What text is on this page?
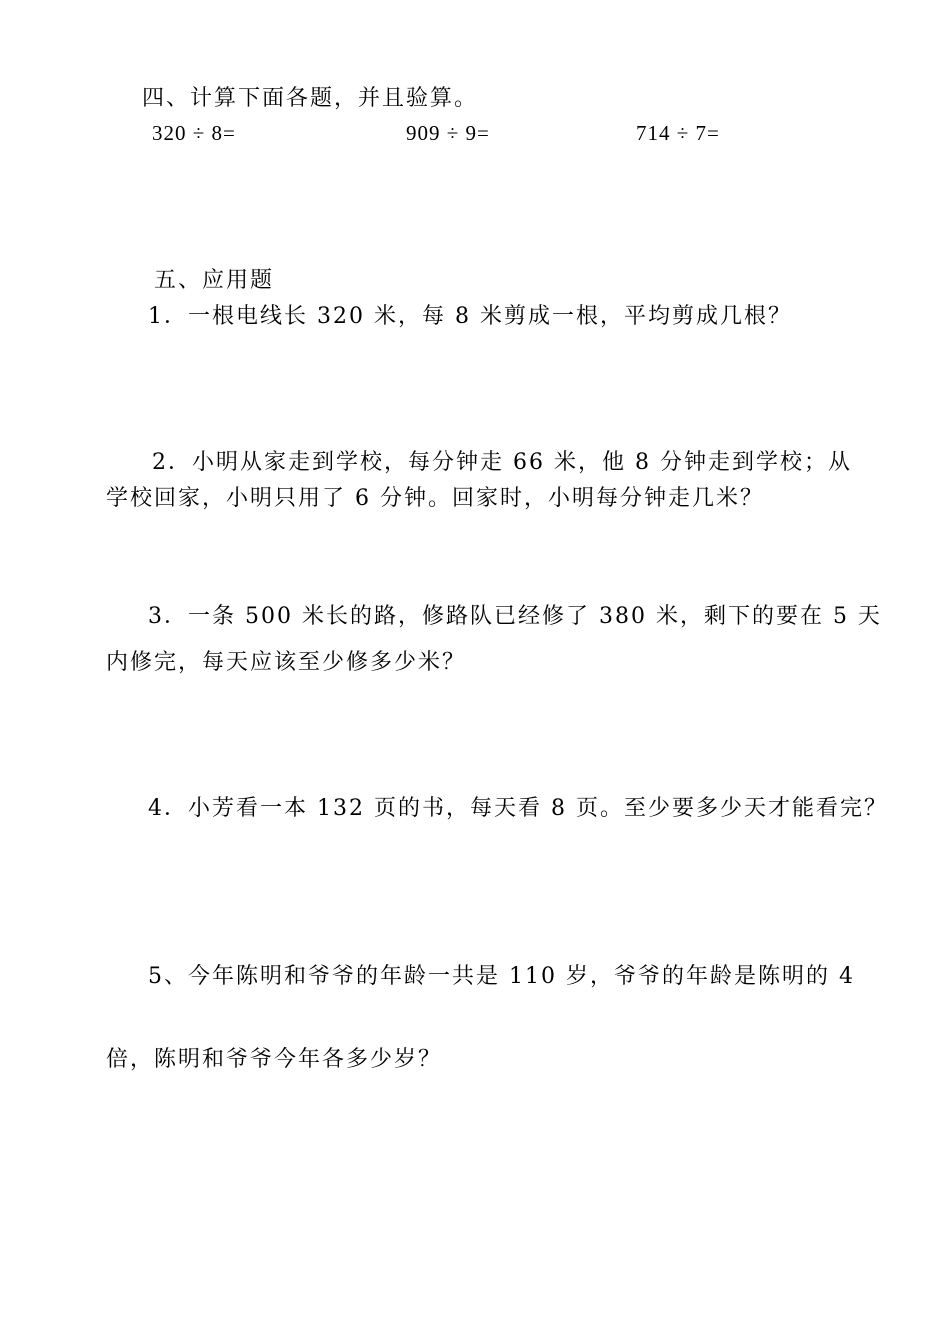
四、计算下面各题，并且验算。
320 ÷ 8=	909 ÷ 9=	714 ÷ 7=
五、应用题
1．一根电线长 320 米，每 8 米剪成一根，平均剪成几根？
2．小明从家走到学校，每分钟走 66 米，他 8 分钟走到学校；从
学校回家，小明只用了 6 分钟。回家时，小明每分钟走几米？
3．一条 500 米长的路，修路队已经修了 380 米，剩下的要在 5 天
内修完，每天应该至少修多少米？
4．小芳看一本 132 页的书，每天看 8 页。至少要多少天才能看完？
5、今年陈明和爷爷的年龄一共是 110 岁，爷爷的年龄是陈明的 4
倍，陈明和爷爷今年各多少岁？
